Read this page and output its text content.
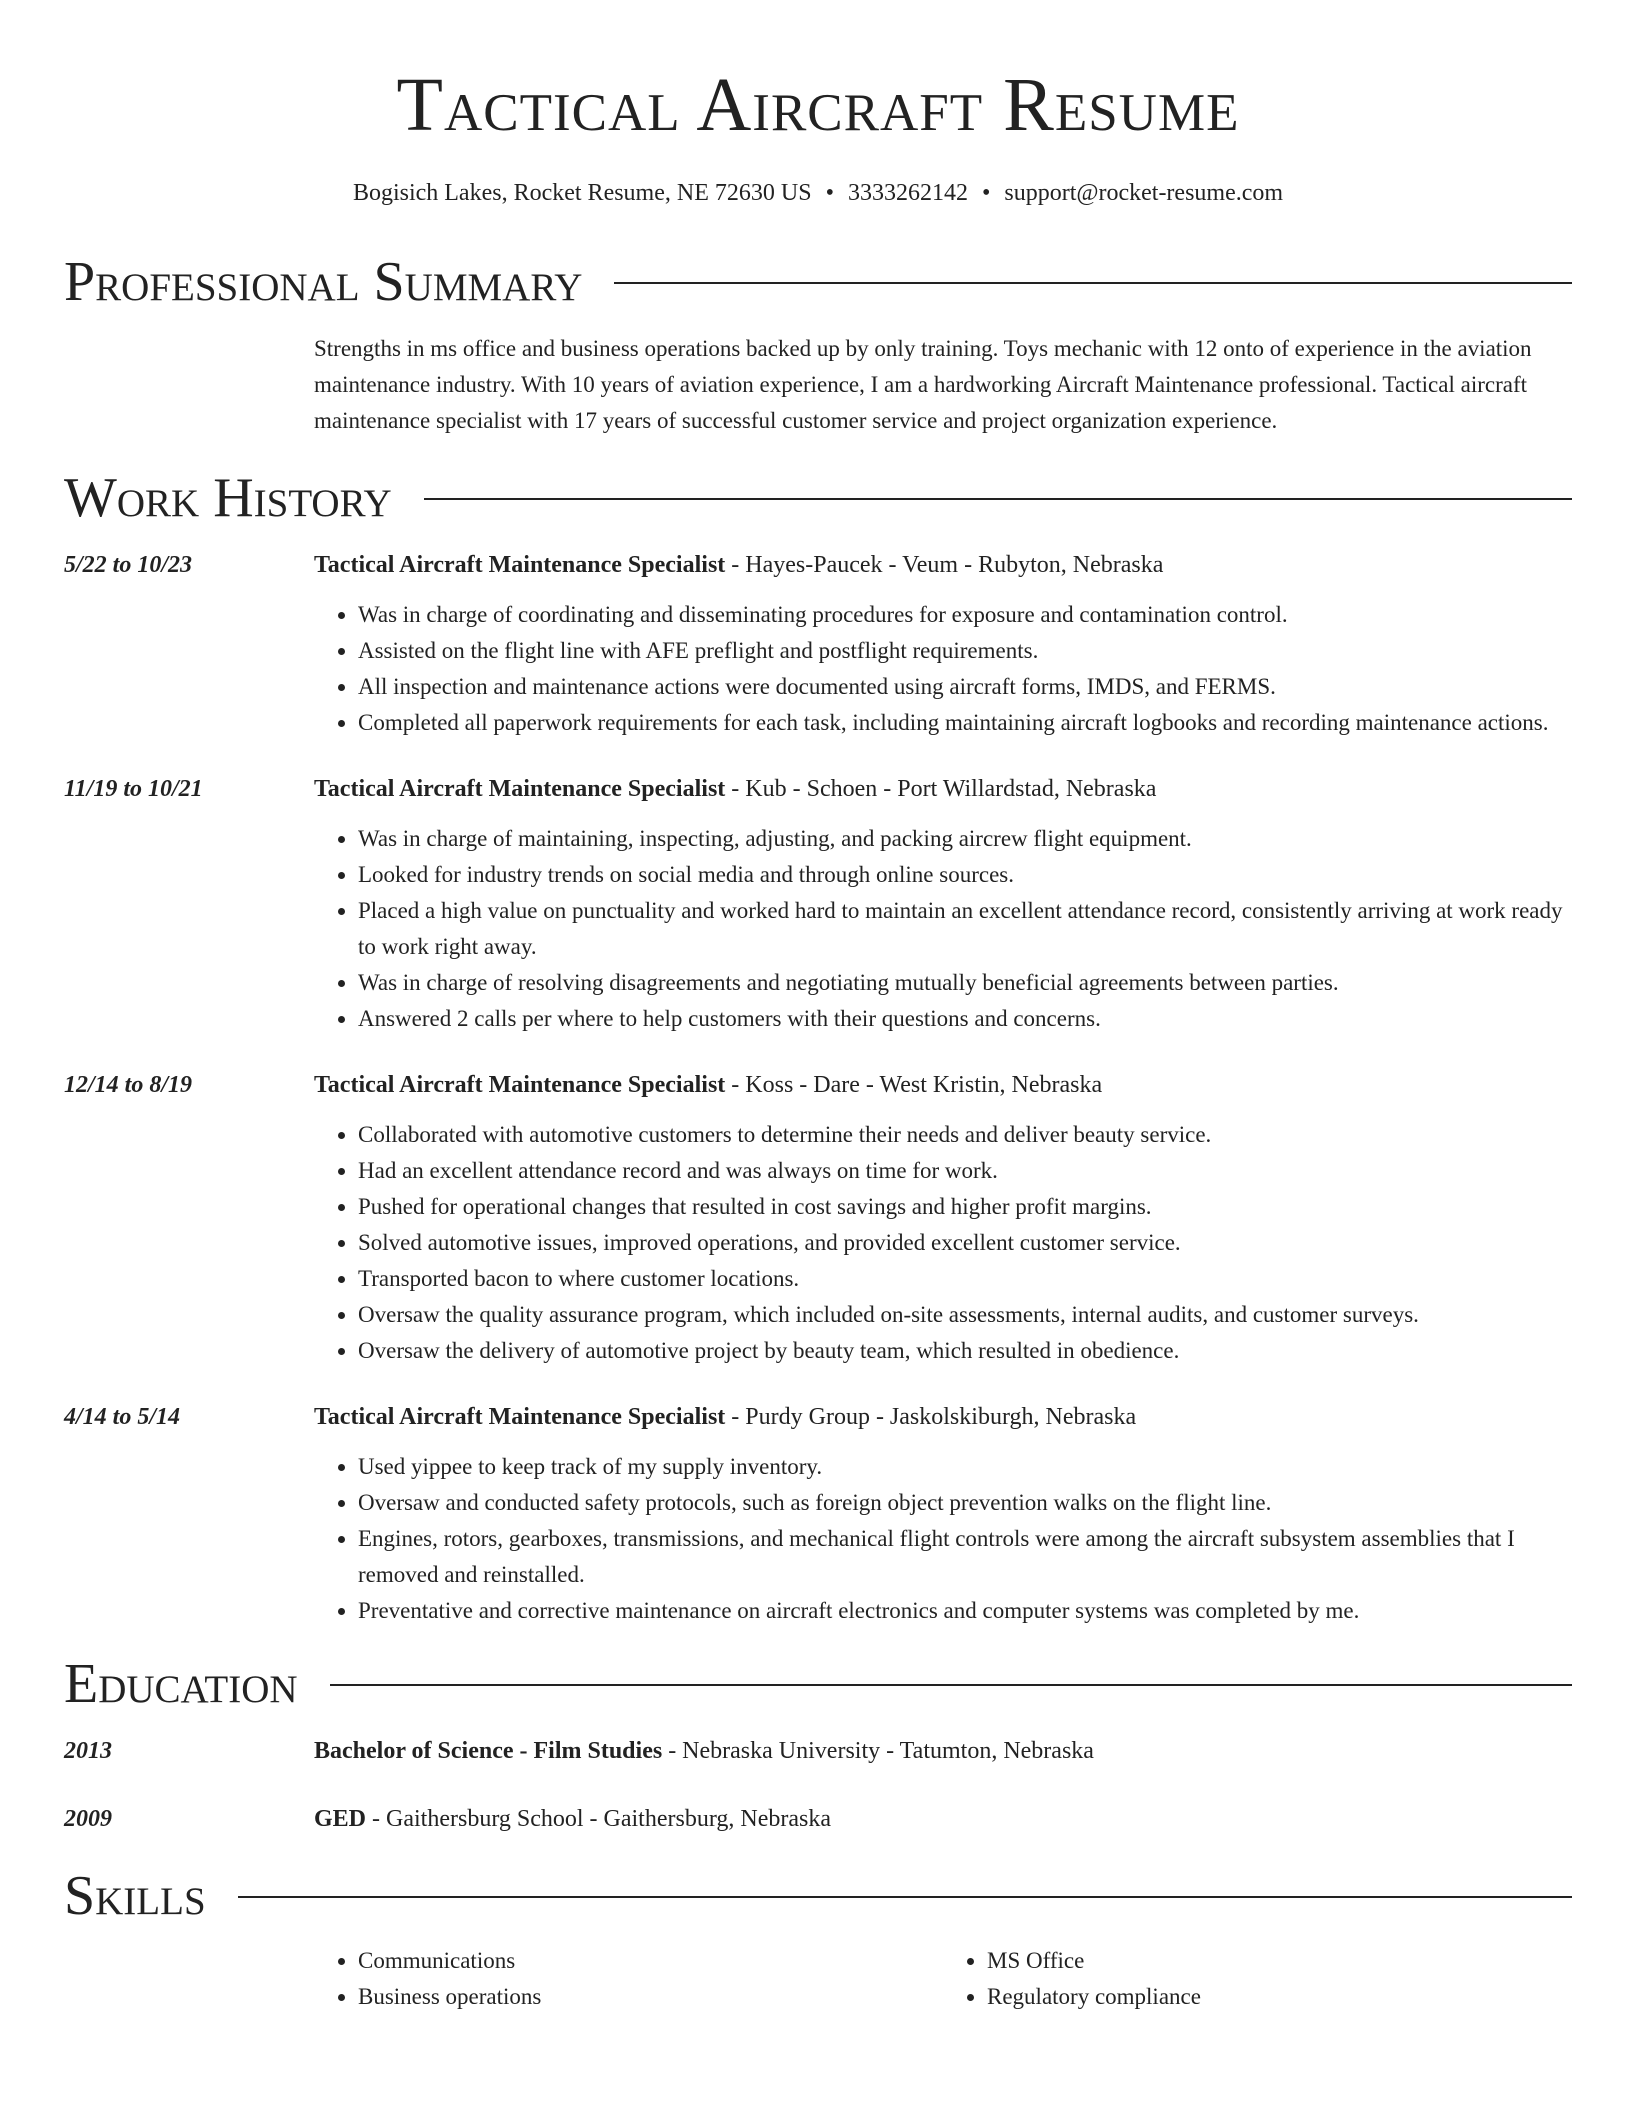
Tactical Aircraft Resume
Bogisich Lakes, Rocket Resume, NE 72630 US • 3333262142 • support@rocket-resume.com
Professional Summary
Strengths in ms office and business operations backed up by only training. Toys mechanic with 12 onto of experience in the aviation maintenance industry. With 10 years of aviation experience, I am a hardworking Aircraft Maintenance professional. Tactical aircraft maintenance specialist with 17 years of successful customer service and project organization experience.
Work History
5/22 to 10/23	Tactical Aircraft Maintenance Specialist - Hayes-Paucek - Veum - Rubyton, Nebraska
• Was in charge of coordinating and disseminating procedures for exposure and contamination control.
• Assisted on the flight line with AFE preflight and postflight requirements.
• All inspection and maintenance actions were documented using aircraft forms, IMDS, and FERMS.
• Completed all paperwork requirements for each task, including maintaining aircraft logbooks and recording maintenance actions.
11/19 to 10/21	Tactical Aircraft Maintenance Specialist - Kub - Schoen - Port Willardstad, Nebraska
• Was in charge of maintaining, inspecting, adjusting, and packing aircrew flight equipment.
• Looked for industry trends on social media and through online sources.
• Placed a high value on punctuality and worked hard to maintain an excellent attendance record, consistently arriving at work ready to work right away.
• Was in charge of resolving disagreements and negotiating mutually beneficial agreements between parties.
• Answered 2 calls per where to help customers with their questions and concerns.
12/14 to 8/19	Tactical Aircraft Maintenance Specialist - Koss - Dare - West Kristin, Nebraska
• Collaborated with automotive customers to determine their needs and deliver beauty service.
• Had an excellent attendance record and was always on time for work.
• Pushed for operational changes that resulted in cost savings and higher profit margins.
• Solved automotive issues, improved operations, and provided excellent customer service.
• Transported bacon to where customer locations.
• Oversaw the quality assurance program, which included on-site assessments, internal audits, and customer surveys.
• Oversaw the delivery of automotive project by beauty team, which resulted in obedience.
4/14 to 5/14	Tactical Aircraft Maintenance Specialist - Purdy Group - Jaskolskiburgh, Nebraska
• Used yippee to keep track of my supply inventory.
• Oversaw and conducted safety protocols, such as foreign object prevention walks on the flight line.
• Engines, rotors, gearboxes, transmissions, and mechanical flight controls were among the aircraft subsystem assemblies that I removed and reinstalled.
• Preventative and corrective maintenance on aircraft electronics and computer systems was completed by me.
Education
2013	Bachelor of Science - Film Studies - Nebraska University - Tatumton, Nebraska
2009	GED - Gaithersburg School - Gaithersburg, Nebraska
Skills
• Communications
• Business operations
• MS Office
• Regulatory compliance
